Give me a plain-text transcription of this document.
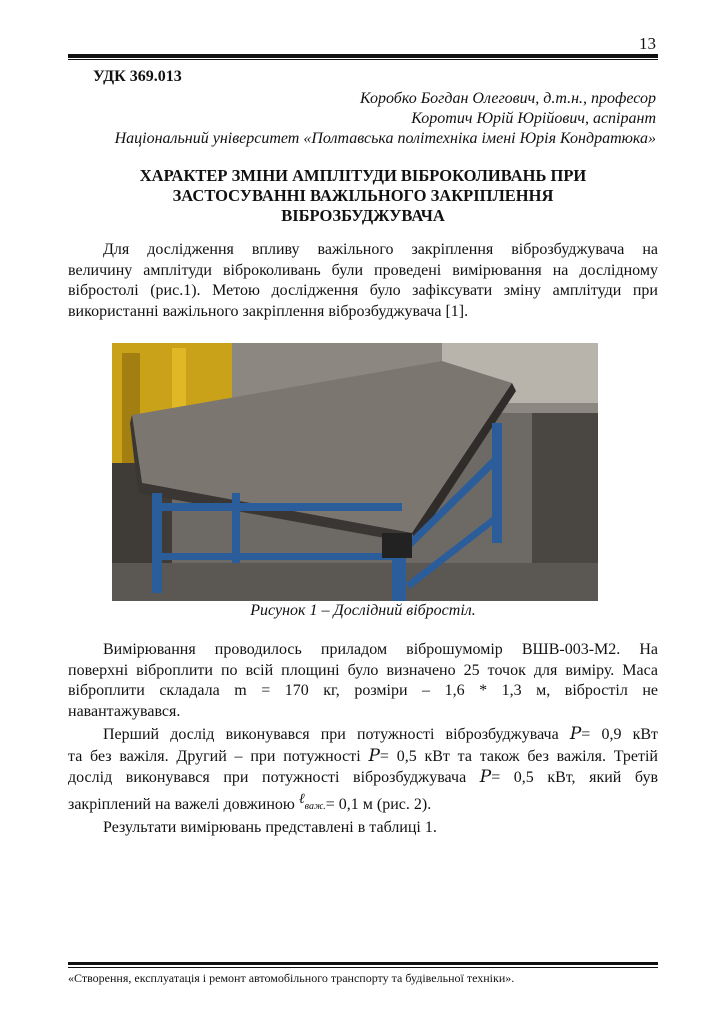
13
УДК 369.013
Коробко Богдан Олегович, д.т.н., професор
Коротич Юрій Юрійович, аспірант
Національний університет «Полтавська політехніка імені Юрія Кондратюка»
ХАРАКТЕР ЗМІНИ АМПЛІТУДИ ВІБРОКОЛИВАНЬ ПРИ
ЗАСТОСУВАННІ ВАЖІЛЬНОГО ЗАКРІПЛЕННЯ
ВІБРОЗБУДЖУВАЧА
Для дослідження впливу важільного закріплення віброзбуджувача на
величину амплітуди віброколивань були проведені вимірювання на дослідному
вібростолі (рис.1). Метою дослідження було зафіксувати зміну амплітуди при
використанні важільного закріплення віброзбуджувача [1].
Рисунок 1 – Дослідний вібростіл.
Вимірювання проводилось приладом віброшумомір ВШВ-003-М2. На
поверхні віброплити по всій площині було визначено 25 точок для виміру. Маса
віброплити складала m = 170 кг, розміри – 1,6 * 1,3 м, вібростіл не
навантажувався.
Перший дослід виконувався при потужності віброзбуджувача P= 0,9 кВт
та без важіля. Другий – при потужності P= 0,5 кВт та також без важіля. Третій
дослід виконувався при потужності віброзбуджувача P= 0,5 кВт, який був
закріплений на важелі довжиною ℓваж.= 0,1 м (рис. 2).
Результати вимірювань представлені в таблиці 1.
«Створення, експлуатація і ремонт автомобільного транспорту та будівельної техніки».
